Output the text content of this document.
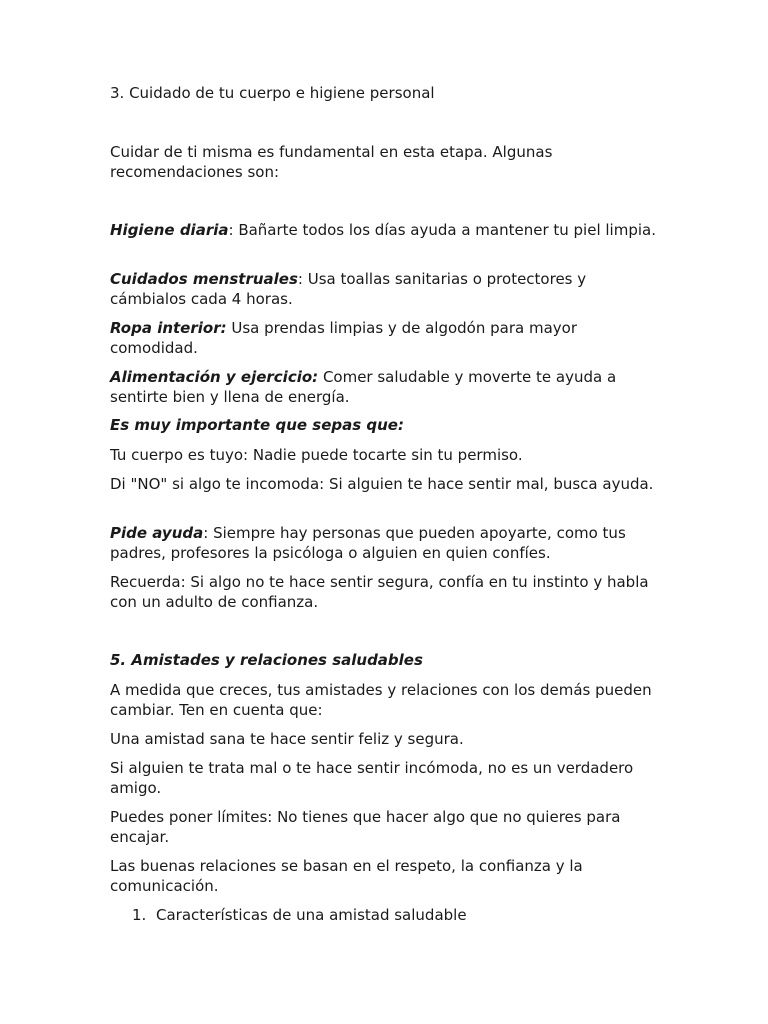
3. Cuidado de tu cuerpo e higiene personal

Cuidar de ti misma es fundamental en esta etapa. Algunas recomendaciones son:

Higiene diaria: Bañarte todos los días ayuda a mantener tu piel limpia.

Cuidados menstruales: Usa toallas sanitarias o protectores y cámbialos cada 4 horas.

Ropa interior: Usa prendas limpias y de algodón para mayor comodidad.

Alimentación y ejercicio: Comer saludable y moverte te ayuda a sentirte bien y llena de energía.

Es muy importante que sepas que:

Tu cuerpo es tuyo: Nadie puede tocarte sin tu permiso.

Di "NO" si algo te incomoda: Si alguien te hace sentir mal, busca ayuda.

Pide ayuda: Siempre hay personas que pueden apoyarte, como tus padres, profesores la psicóloga o alguien en quien confíes.

Recuerda: Si algo no te hace sentir segura, confía en tu instinto y habla con un adulto de confianza.

5. Amistades y relaciones saludables

A medida que creces, tus amistades y relaciones con los demás pueden cambiar. Ten en cuenta que:

Una amistad sana te hace sentir feliz y segura.

Si alguien te trata mal o te hace sentir incómoda, no es un verdadero amigo.

Puedes poner límites: No tienes que hacer algo que no quieres para encajar.

Las buenas relaciones se basan en el respeto, la confianza y la comunicación.

1. Características de una amistad saludable
